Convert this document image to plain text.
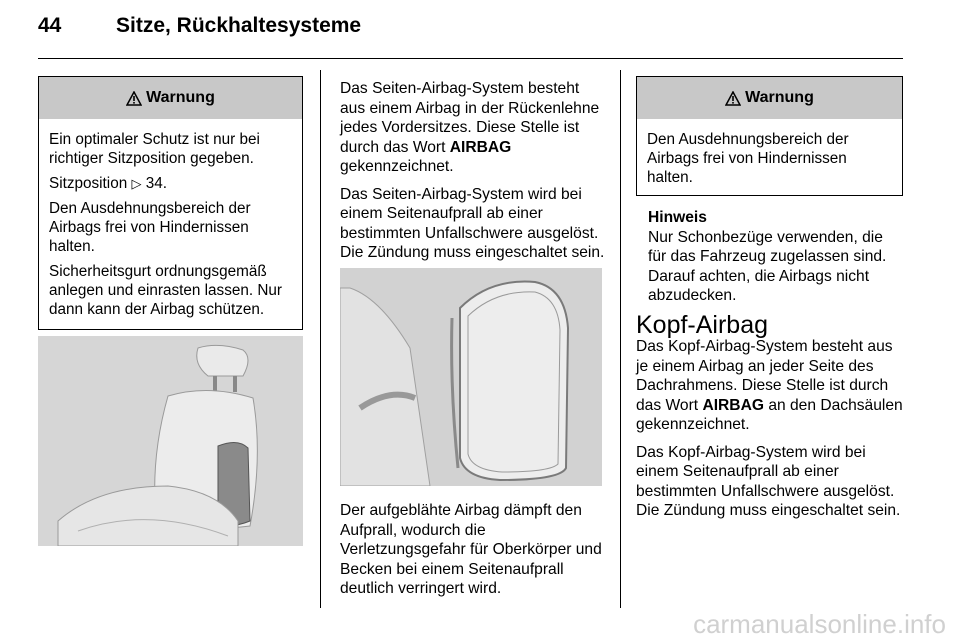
44	Sitze, Rückhaltesysteme
Warnung

Ein optimaler Schutz ist nur bei richtiger Sitzposition gegeben.

Sitzposition ▷ 34.

Den Ausdehnungsbereich der Airbags frei von Hindernissen halten.

Sicherheitsgurt ordnungsgemäß anlegen und einrasten lassen. Nur dann kann der Airbag schützen.

Das Seiten-Airbag-System besteht aus einem Airbag in der Rückenlehne jedes Vordersitzes. Diese Stelle ist durch das Wort AIRBAG gekennzeichnet.

Das Seiten-Airbag-System wird bei einem Seitenaufprall ab einer bestimmten Unfallschwere ausgelöst. Die Zündung muss eingeschaltet sein.

Der aufgeblähte Airbag dämpft den Aufprall, wodurch die Verletzungsgefahr für Oberkörper und Becken bei einem Seitenaufprall deutlich verringert wird.

Warnung

Den Ausdehnungsbereich der Airbags frei von Hindernissen halten.

Hinweis
Nur Schonbezüge verwenden, die für das Fahrzeug zugelassen sind. Darauf achten, die Airbags nicht abzudecken.
Kopf-Airbag

Das Kopf-Airbag-System besteht aus je einem Airbag an jeder Seite des Dachrahmens. Diese Stelle ist durch das Wort AIRBAG an den Dachsäulen gekennzeichnet.

Das Kopf-Airbag-System wird bei einem Seitenaufprall ab einer bestimmten Unfallschwere ausgelöst. Die Zündung muss eingeschaltet sein.

carmanualsonline.info
